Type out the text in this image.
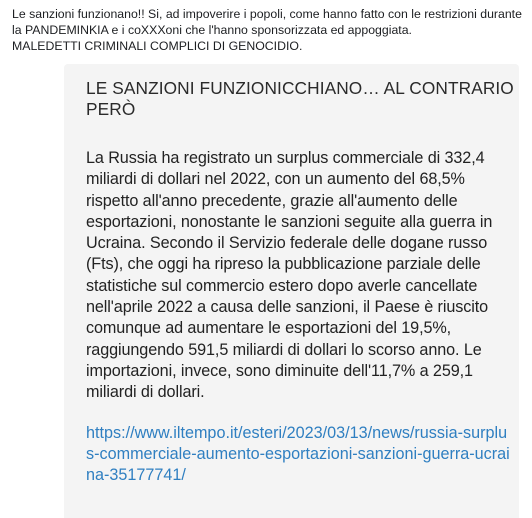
Le sanzioni funzionano!! Si, ad impoverire i popoli, come hanno fatto con le restrizioni durante la PANDEMINKIA e i coXXXoni che l'hanno sponsorizzata ed appoggiata.
MALEDETTI CRIMINALI COMPLICI DI GENOCIDIO.
LE SANZIONI FUNZIONICCHIANO… AL CONTRARIO PERÒ
La Russia ha registrato un surplus commerciale di 332,4 miliardi di dollari nel 2022, con un aumento del 68,5% rispetto all'anno precedente, grazie all'aumento delle esportazioni, nonostante le sanzioni seguite alla guerra in Ucraina. Secondo il Servizio federale delle dogane russo (Fts), che oggi ha ripreso la pubblicazione parziale delle statistiche sul commercio estero dopo averle cancellate nell'aprile 2022 a causa delle sanzioni, il Paese è riuscito comunque ad aumentare le esportazioni del 19,5%, raggiungendo 591,5 miliardi di dollari lo scorso anno. Le importazioni, invece, sono diminuite dell'11,7% a 259,1 miliardi di dollari.
https://www.iltempo.it/esteri/2023/03/13/news/russia-surplus-commerciale-aumento-esportazioni-sanzioni-guerra-ucraina-35177741/
